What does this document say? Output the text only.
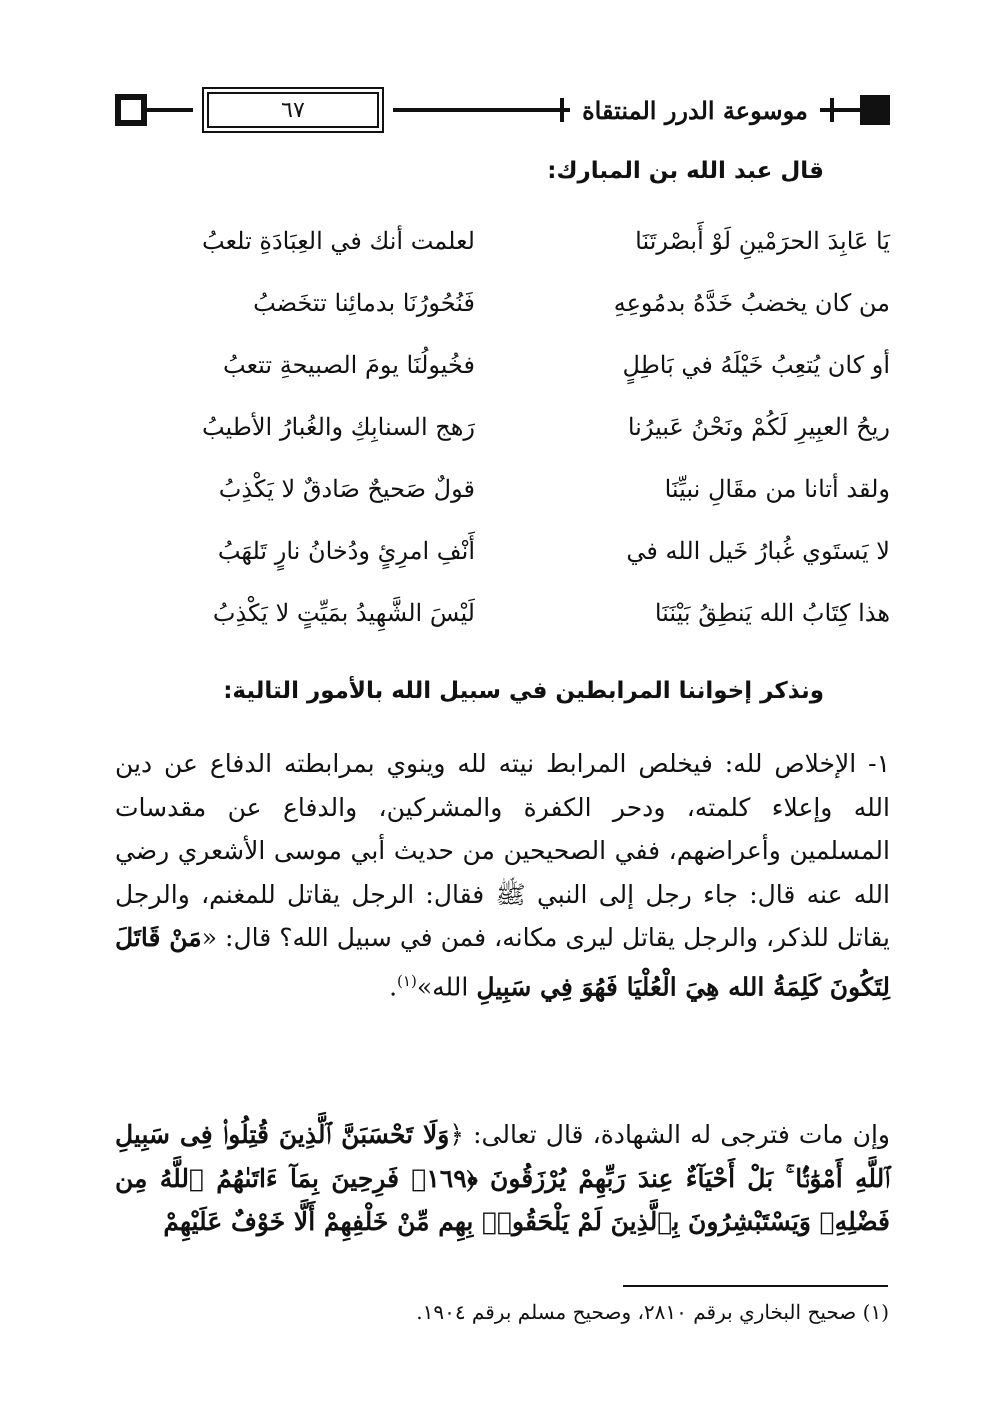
٦٧	موسوعة الدرر المنتقاة
قال عبد الله بن المبارك:
يَا عَابِدَ الحرَمْينِ لَوْ أَبصْرتَنَا
لعلمت أنك في العِبَادَةِ تلعبُ
من كان يخضبُ خَدَّهُ بدمُوعِهِ
فَنُحُورُنَا بدمائِنا تتخَضبُ
أو كان يُتعِبُ خَيْلَهُ في بَاطِلٍ
فخُيولُنَا يومَ الصبيحةِ تتعبُ
ريحُ العبِيرِ لَكُمْ ونَحْنُ عَبيرُنا
رَهج السنابِكِ والغُبارُ الأطيبُ
ولقد أتانا من مقَالِ نبيِّنَا
قولٌ صَحيحٌ صَادقٌ لا يَكْذِبُ
لا يَستَوي غُبارُ خَيل الله في
أَنْفِ امرِئٍ ودُخانُ نارٍ تَلهَبُ
هذا كِتَابُ الله يَنطِقُ بَيْنَنَا
لَيْسَ الشَّهِيدُ بمَيِّتٍ لا يَكْذِبُ
ونذكر إخواننا المرابطين في سبيل الله بالأمور التالية:
١- الإخلاص لله: فيخلص المرابط نيته لله وينوي بمرابطته الدفاع عن دين الله وإعلاء كلمته، ودحر الكفرة والمشركين، والدفاع عن مقدسات المسلمين وأعراضهم، ففي الصحيحين من حديث أبي موسى الأشعري رضي الله عنه قال: جاء رجل إلى النبي ﷺ فقال: الرجل يقاتل للمغنم، والرجل يقاتل للذكر، والرجل يقاتل ليرى مكانه، فمن في سبيل الله؟ قال: «مَنْ قَاتَلَ لِتَكُونَ كَلِمَةُ الله هِيَ الْعُلْيَا فَهُوَ فِي سَبِيلِ الله»$^{(١)}$.
وإن مات فترجى له الشهادة، قال تعالى: ﴿وَلَا تَحْسَبَنَّ ٱلَّذِينَ قُتِلُوا۟ فِى سَبِيلِ ٱللَّهِ أَمْوَٰتًۢا ۚ بَلْ أَحْيَآءٌ عِندَ رَبِّهِمْ يُرْزَقُونَ ﴿١٦٩﴾ فَرِحِينَ بِمَآ ءَاتَىٰهُمُ ٱللَّهُ مِن فَضْلِهِۦ وَيَسْتَبْشِرُونَ بِٱلَّذِينَ لَمْ يَلْحَقُوا۟ بِهِم مِّنْ خَلْفِهِمْ أَلَّا خَوْفٌ عَلَيْهِمْ
(١) صحيح البخاري برقم ٢٨١٠، وصحيح مسلم برقم ١٩٠٤.
